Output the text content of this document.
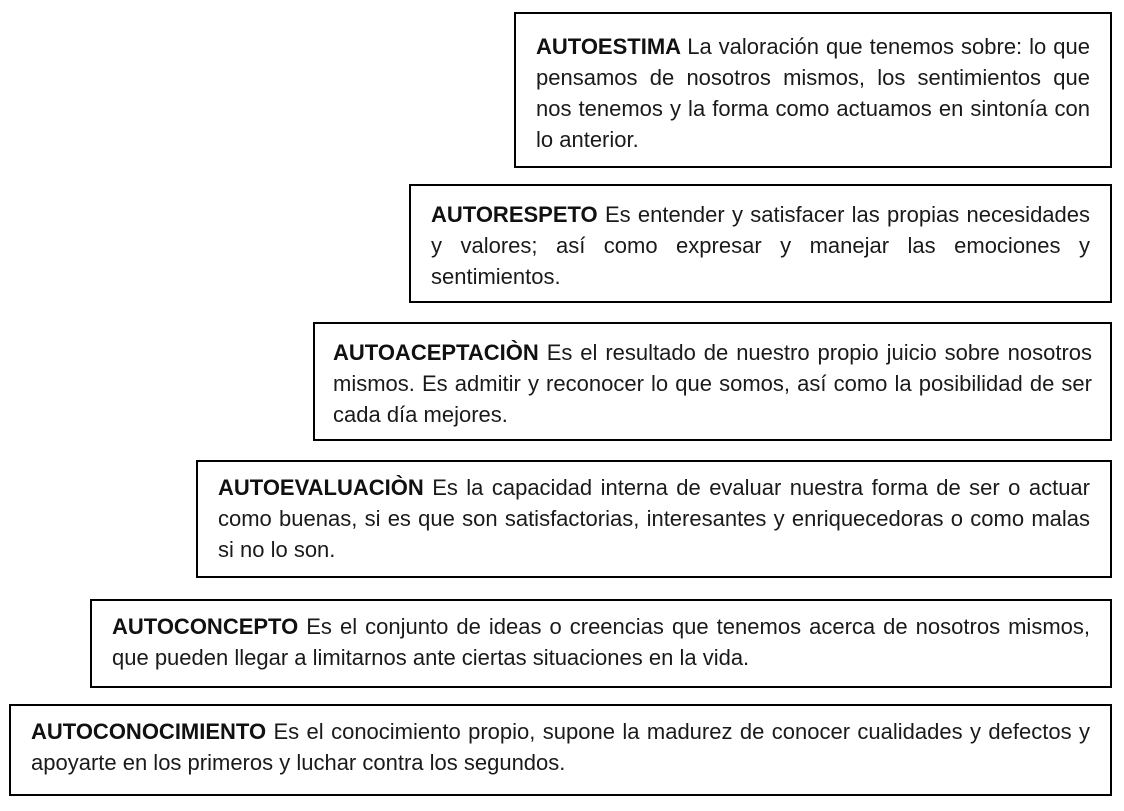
AUTOESTIMA La valoración que tenemos sobre: lo que pensamos de nosotros mismos, los sentimientos que nos tenemos y la forma como actuamos en sintonía con lo anterior.
AUTORESPETO Es entender y satisfacer las propias necesidades y valores; así como expresar y manejar las emociones y sentimientos.
AUTOACEPTACIÒN Es el resultado de nuestro propio juicio sobre nosotros mismos. Es admitir y reconocer lo que somos, así como la posibilidad de ser cada día mejores.
AUTOEVALUACIÒN Es la capacidad interna de evaluar nuestra forma de ser o actuar como buenas, si es que son satisfactorias, interesantes y enriquecedoras o como malas si no lo son.
AUTOCONCEPTO Es el conjunto de ideas o creencias que tenemos acerca de nosotros mismos, que pueden llegar a limitarnos ante ciertas situaciones en la vida.
AUTOCONOCIMIENTO Es el conocimiento propio, supone la madurez de conocer cualidades y defectos y apoyarte en los primeros y luchar contra los segundos.
